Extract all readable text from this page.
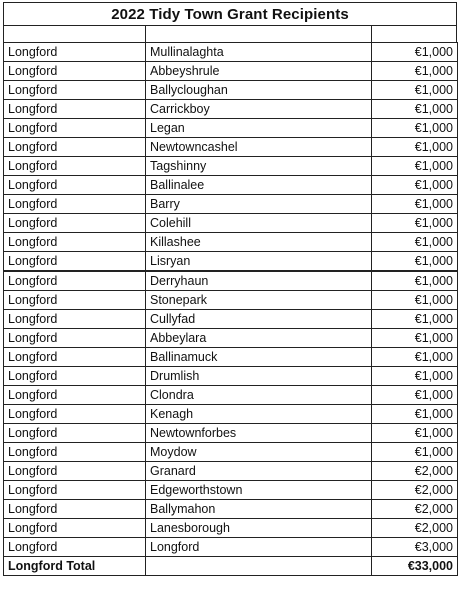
2022 Tidy Town Grant Recipients
Longford	Mullinalaghta	€1,000
Longford	Abbeyshrule	€1,000
Longford	Ballycloughan	€1,000
Longford	Carrickboy	€1,000
Longford	Legan	€1,000
Longford	Newtowncashel	€1,000
Longford	Tagshinny	€1,000
Longford	Ballinalee	€1,000
Longford	Barry	€1,000
Longford	Colehill	€1,000
Longford	Killashee	€1,000
Longford	Lisryan	€1,000
Longford	Derryhaun	€1,000
Longford	Stonepark	€1,000
Longford	Cullyfad	€1,000
Longford	Abbeylara	€1,000
Longford	Ballinamuck	€1,000
Longford	Drumlish	€1,000
Longford	Clondra	€1,000
Longford	Kenagh	€1,000
Longford	Newtownforbes	€1,000
Longford	Moydow	€1,000
Longford	Granard	€2,000
Longford	Edgeworthstown	€2,000
Longford	Ballymahon	€2,000
Longford	Lanesborough	€2,000
Longford	Longford	€3,000
Longford Total		€33,000
